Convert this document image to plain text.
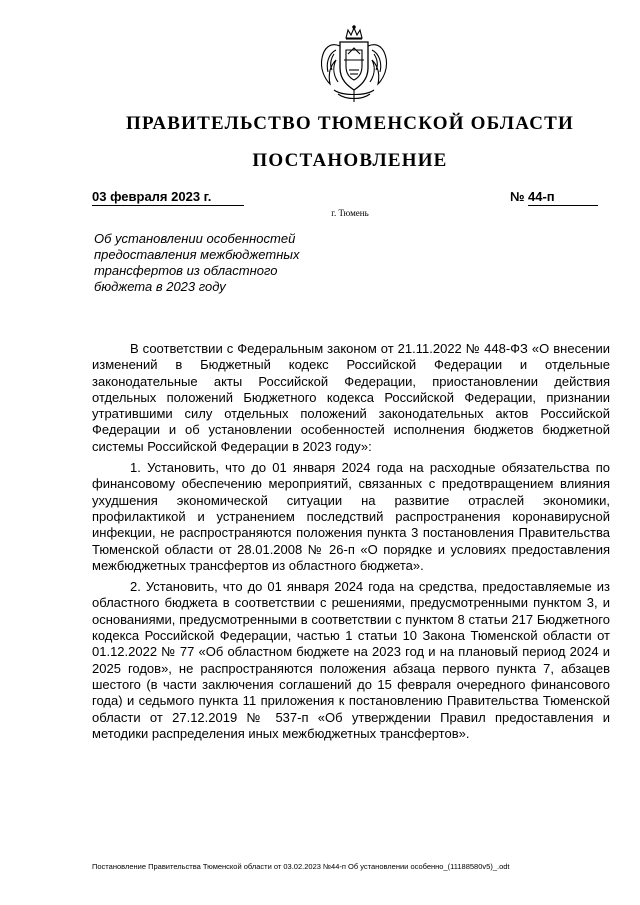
ПРАВИТЕЛЬСТВО ТЮМЕНСКОЙ ОБЛАСТИ
ПОСТАНОВЛЕНИЕ
03 февраля 2023 г.	№ 44-п
г. Тюмень
Об установлении особенностей предоставления межбюджетных трансфертов из областного бюджета в 2023 году

В соответствии с Федеральным законом от 21.11.2022 № 448-ФЗ «О внесении изменений в Бюджетный кодекс Российской Федерации и отдельные законодательные акты Российской Федерации, приостановлении действия отдельных положений Бюджетного кодекса Российской Федерации, признании утратившими силу отдельных положений законодательных актов Российской Федерации и об установлении особенностей исполнения бюджетов бюджетной системы Российской Федерации в 2023 году»:

1. Установить, что до 01 января 2024 года на расходные обязательства по финансовому обеспечению мероприятий, связанных с предотвращением влияния ухудшения экономической ситуации на развитие отраслей экономики, профилактикой и устранением последствий распространения коронавирусной инфекции, не распространяются положения пункта 3 постановления Правительства Тюменской области от 28.01.2008 № 26-п «О порядке и условиях предоставления межбюджетных трансфертов из областного бюджета».

2. Установить, что до 01 января 2024 года на средства, предоставляемые из областного бюджета в соответствии с решениями, предусмотренными пунктом 3, и основаниями, предусмотренными в соответствии с пунктом 8 статьи 217 Бюджетного кодекса Российской Федерации, частью 1 статьи 10 Закона Тюменской области от 01.12.2022 № 77 «Об областном бюджете на 2023 год и на плановый период 2024 и 2025 годов», не распространяются положения абзаца первого пункта 7, абзацев шестого (в части заключения соглашений до 15 февраля очередного финансового года) и седьмого пункта 11 приложения к постановлению Правительства Тюменской области от 27.12.2019 № 537-п «Об утверждении Правил предоставления и методики распределения иных межбюджетных трансфертов».

Постановление Правительства Тюменской области от 03.02.2023 №44-п Об установлении особенно_(11188580v5)_.odt
